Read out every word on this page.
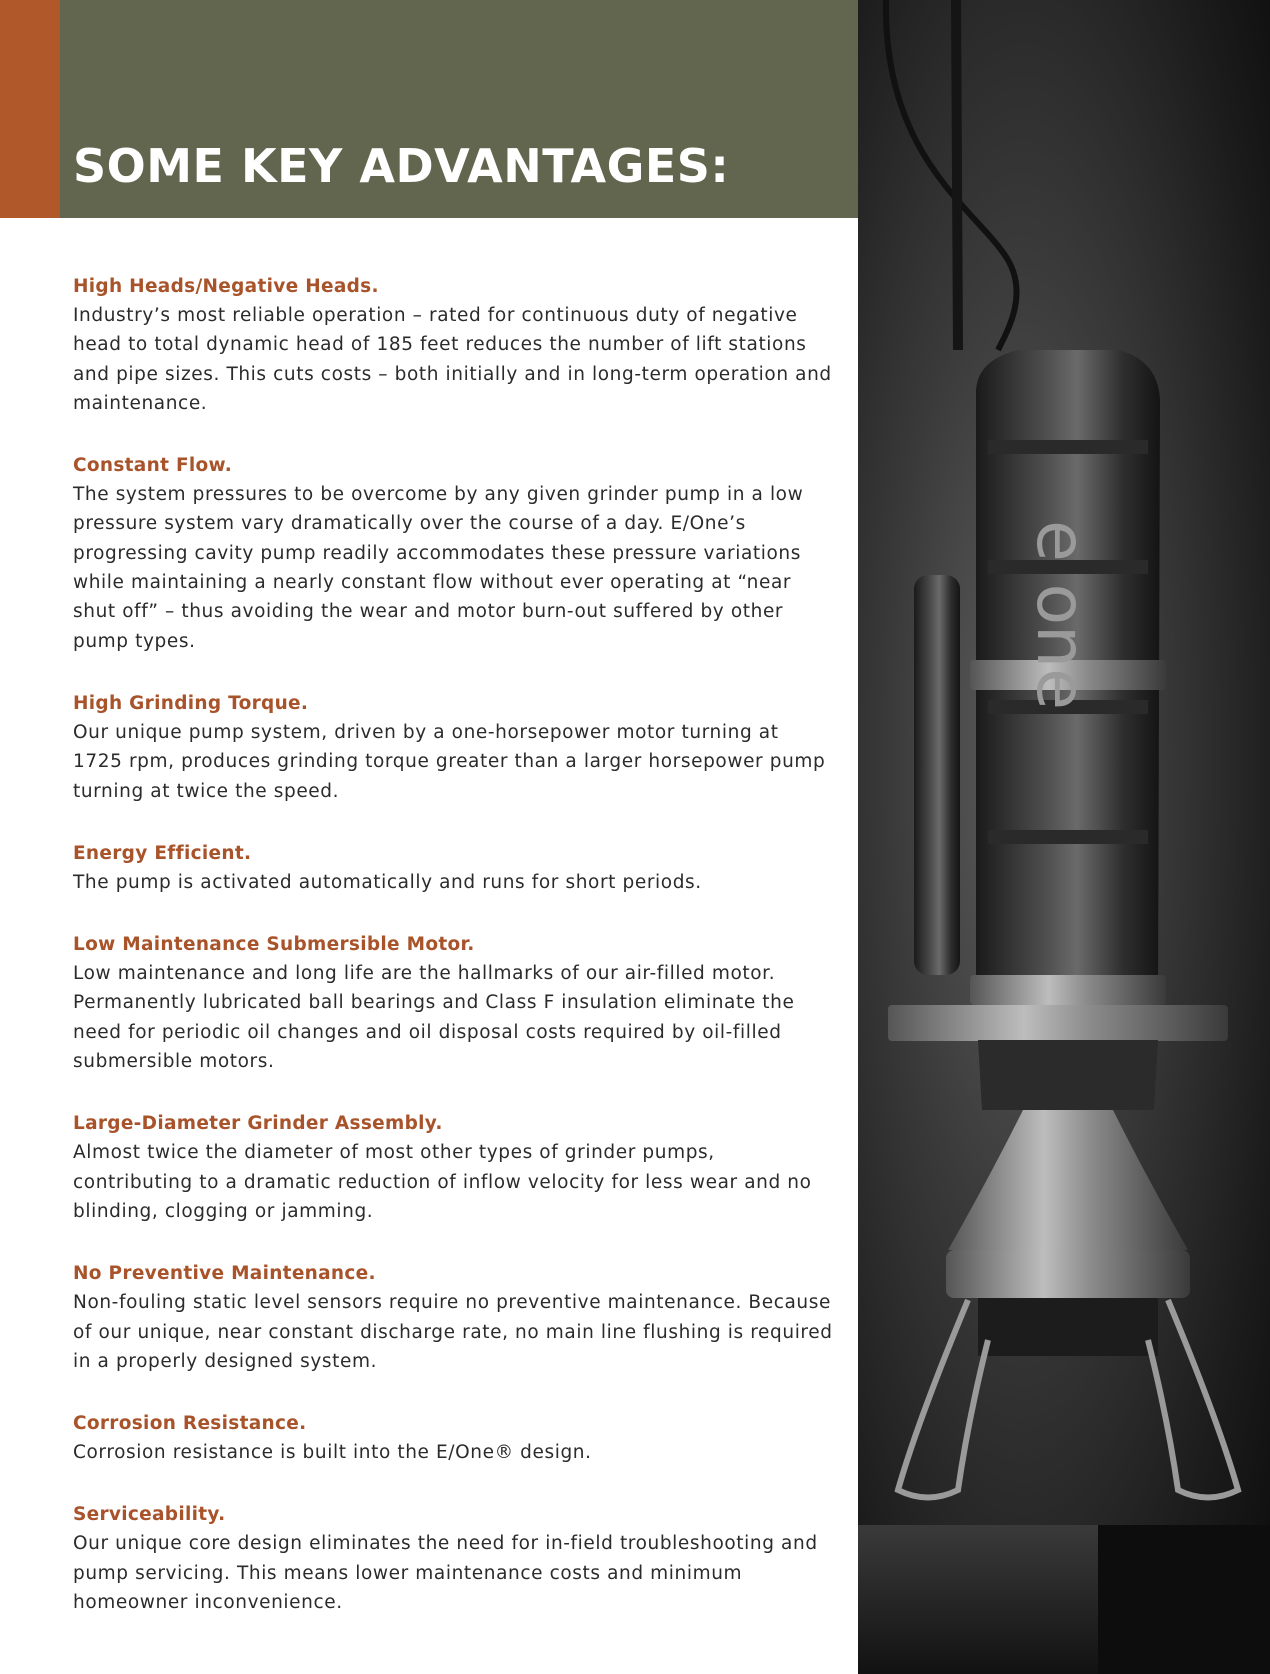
SOME KEY ADVANTAGES:

High Heads/Negative Heads.

Industry’s most reliable operation – rated for continuous duty of negative head to total dynamic head of 185 feet reduces the number of lift stations and pipe sizes. This cuts costs – both initially and in long-term operation and maintenance.

Constant Flow.

The system pressures to be overcome by any given grinder pump in a low pressure system vary dramatically over the course of a day. E/One’s progressing cavity pump readily accommodates these pressure variations while maintaining a nearly constant flow without ever operating at “near shut off” – thus avoiding the wear and motor burn-out suffered by other pump types.

High Grinding Torque.

Our unique pump system, driven by a one-horsepower motor turning at 1725 rpm, produces grinding torque greater than a larger horsepower pump turning at twice the speed.

Energy Efficient.

The pump is activated automatically and runs for short periods.

Low Maintenance Submersible Motor.

Low maintenance and long life are the hallmarks of our air-filled motor. Permanently lubricated ball bearings and Class F insulation eliminate the need for periodic oil changes and oil disposal costs required by oil-filled submersible motors.

Large-Diameter Grinder Assembly.

Almost twice the diameter of most other types of grinder pumps, contributing to a dramatic reduction of inflow velocity for less wear and no blinding, clogging or jamming.

No Preventive Maintenance.

Non-fouling static level sensors require no preventive maintenance. Because of our unique, near constant discharge rate, no main line flushing is required in a properly designed system.

Corrosion Resistance.

Corrosion resistance is built into the E/One® design.

Serviceability.

Our unique core design eliminates the need for in-field troubleshooting and pump servicing. This means lower maintenance costs and minimum homeowner inconvenience.

e one
